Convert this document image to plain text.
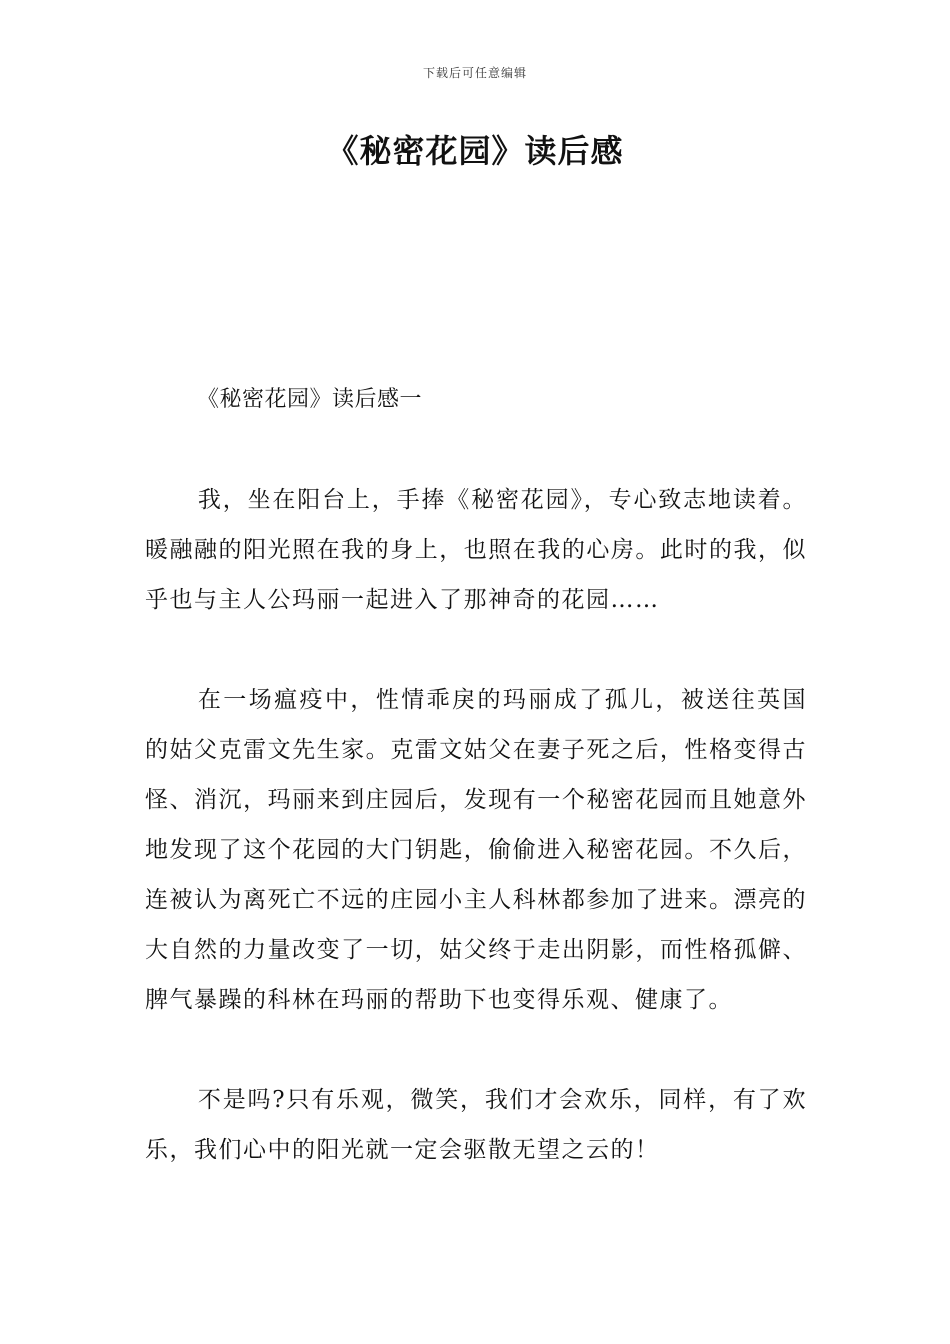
下载后可任意编辑
《秘密花园》读后感
《秘密花园》读后感一

我，坐在阳台上，手捧《秘密花园》，专心致志地读着。暖融融的阳光照在我的身上，也照在我的心房。此时的我，似乎也与主人公玛丽一起进入了那神奇的花园……

在一场瘟疫中，性情乖戾的玛丽成了孤儿，被送往英国的姑父克雷文先生家。克雷文姑父在妻子死之后，性格变得古怪、消沉，玛丽来到庄园后，发现有一个秘密花园而且她意外地发现了这个花园的大门钥匙，偷偷进入秘密花园。不久后，连被认为离死亡不远的庄园小主人科林都参加了进来。漂亮的大自然的力量改变了一切，姑父终于走出阴影，而性格孤僻、脾气暴躁的科林在玛丽的帮助下也变得乐观、健康了。

不是吗?只有乐观，微笑，我们才会欢乐，同样，有了欢乐，我们心中的阳光就一定会驱散无望之云的！
